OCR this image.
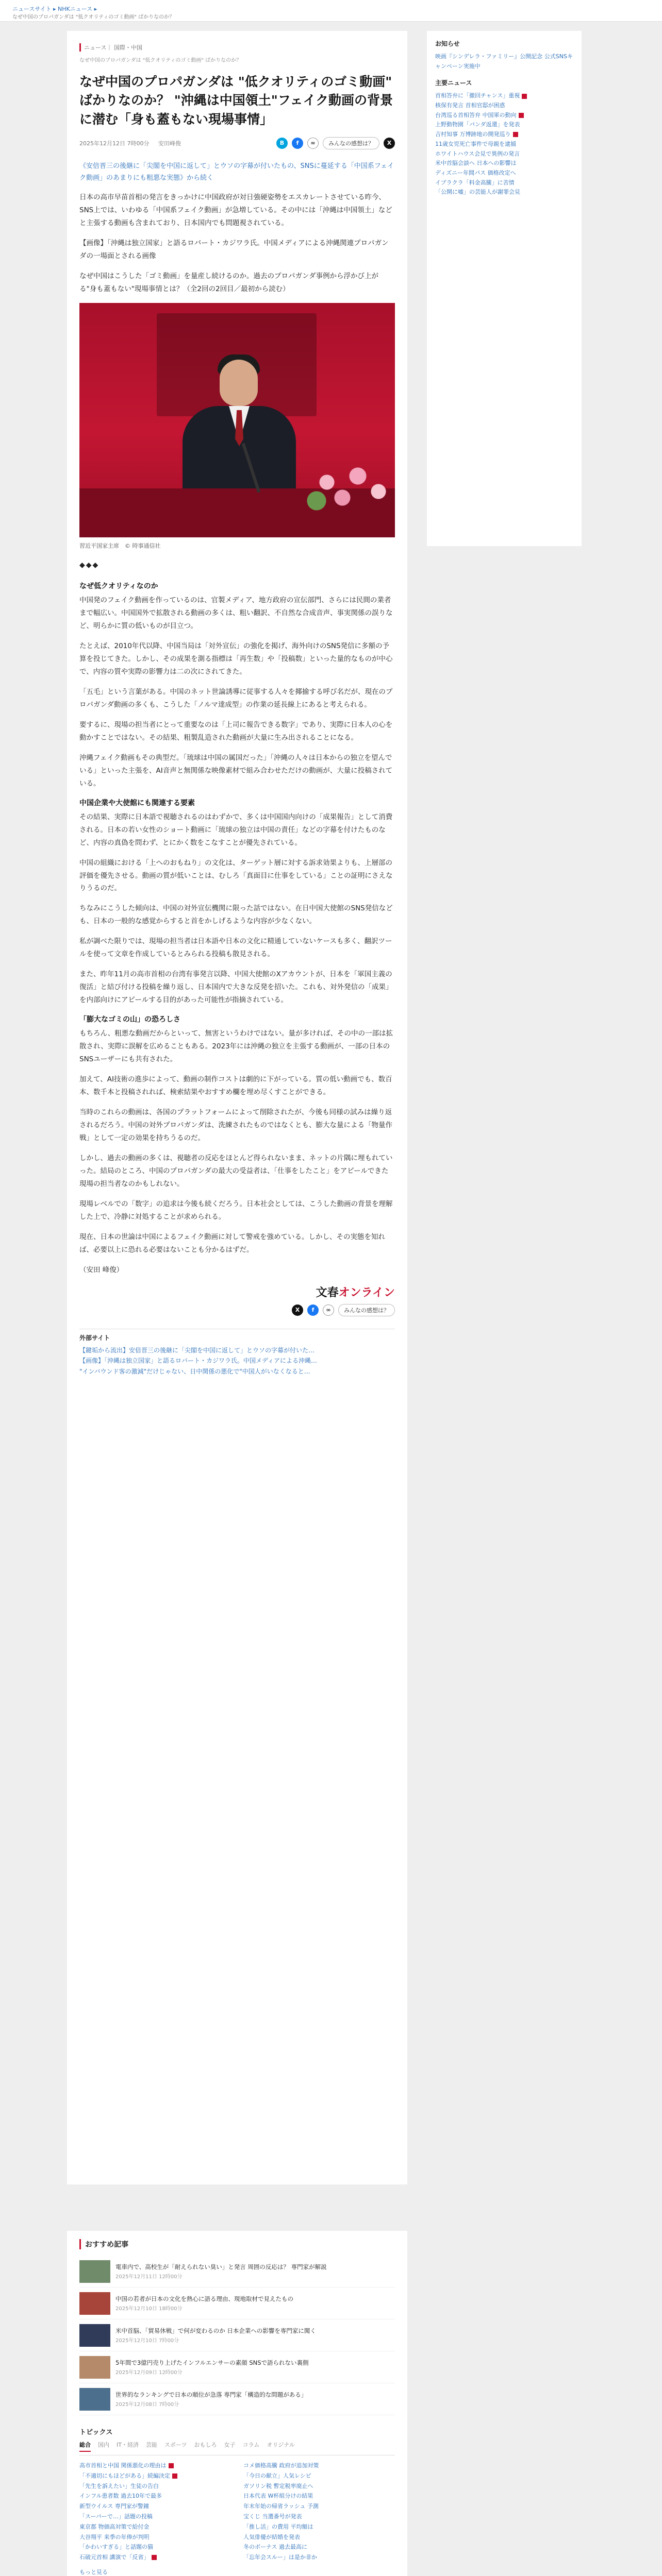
ニュースサイト ▸ NHKニュース ▸
なぜ中国のプロパガンダは "低クオリティのゴミ動画" ばかりなのか？
ニュース｜ 国際・中国
なぜ中国のプロパガンダは "低クオリティのゴミ動画" ばかりなのか？
なぜ中国のプロパガンダは "低クオリティのゴミ動画" ばかりなのか？ "沖縄は中国領土"フェイク動画の背景に潜む「身も蓋もない現場事情」
2025年12月12日 7時00分 安田峰俊	B	f	∞	みんなの感想は？	X

《安倍晋三の後継に「尖閣を中国に返して」とウソの字幕が付いたもの、SNSに蔓延する「中国系フェイク動画」のあまりにも粗悪な実態》から続く

日本の高市早苗首相の発言をきっかけに中国政府が対日強硬姿勢をエスカレートさせている昨今、SNS上では、いわゆる「中国系フェイク動画」が急増している。その中には「沖縄は中国領土」などと主張する動画も含まれており、日本国内でも問題視されている。

【画像】「沖縄は独立国家」と語るロバート・カジワラ氏。中国メディアによる沖縄関連プロパガンダの一場面とされる画像

なぜ中国はこうした「ゴミ動画」を量産し続けるのか。過去のプロパガンダ事例から浮かび上がる"身も蓋もない"現場事情とは？（全2回の2回目／最初から読む）

習近平国家主席　© 時事通信社
◆◆◆
なぜ低クオリティなのか

中国発のフェイク動画を作っているのは、官製メディア、地方政府の宣伝部門、さらには民間の業者まで幅広い。中国国外で拡散される動画の多くは、粗い翻訳、不自然な合成音声、事実関係の誤りなど、明らかに質の低いものが目立つ。

たとえば、2010年代以降、中国当局は「対外宣伝」の強化を掲げ、海外向けのSNS発信に多額の予算を投じてきた。しかし、その成果を測る指標は「再生数」や「投稿数」といった量的なものが中心で、内容の質や実際の影響力は二の次にされてきた。

「五毛」という言葉がある。中国のネット世論誘導に従事する人々を揶揄する呼び名だが、現在のプロパガンダ動画の多くも、こうした「ノルマ達成型」の作業の延長線上にあると考えられる。

要するに、現場の担当者にとって重要なのは「上司に報告できる数字」であり、実際に日本人の心を動かすことではない。その結果、粗製乱造された動画が大量に生み出されることになる。

沖縄フェイク動画もその典型だ。「琉球は中国の属国だった」「沖縄の人々は日本からの独立を望んでいる」といった主張を、AI音声と無関係な映像素材で組み合わせただけの動画が、大量に投稿されている。

中国企業や大使館にも関連する要素

その結果、実際に日本語で視聴されるのはわずかで、多くは中国国内向けの「成果報告」として消費される。日本の若い女性のショート動画に「琉球の独立は中国の責任」などの字幕を付けたものなど、内容の真偽を問わず、とにかく数をこなすことが優先されている。

中国の組織における「上へのおもねり」の文化は、ターゲット層に対する訴求効果よりも、上層部の評価を優先させる。動画の質が低いことは、むしろ「真面目に仕事をしている」ことの証明にさえなりうるのだ。

ちなみにこうした傾向は、中国の対外宣伝機関に限った話ではない。在日中国大使館のSNS発信なども、日本の一般的な感覚からすると首をかしげるような内容が少なくない。

私が調べた限りでは、現場の担当者は日本語や日本の文化に精通していないケースも多く、翻訳ツールを使って文章を作成しているとみられる投稿も散見される。

また、昨年11月の高市首相の台湾有事発言以降、中国大使館のXアカウントが、日本を「軍国主義の復活」と結び付ける投稿を繰り返し、日本国内で大きな反発を招いた。これも、対外発信の「成果」を内部向けにアピールする目的があった可能性が指摘されている。

「膨大なゴミの山」の恐ろしさ

もちろん、粗悪な動画だからといって、無害というわけではない。量が多ければ、その中の一部は拡散され、実際に誤解を広めることもある。2023年には沖縄の独立を主張する動画が、一部の日本のSNSユーザーにも共有された。

加えて、AI技術の進歩によって、動画の制作コストは劇的に下がっている。質の低い動画でも、数百本、数千本と投稿されれば、検索結果やおすすめ欄を埋め尽くすことができる。

当時のこれらの動画は、各国のプラットフォームによって削除されたが、今後も同様の試みは繰り返されるだろう。中国の対外プロパガンダは、洗練されたものではなくとも、膨大な量による「物量作戦」として一定の効果を持ちうるのだ。

しかし、過去の動画の多くは、視聴者の反応をほとんど得られないまま、ネットの片隅に埋もれていった。結局のところ、中国のプロパガンダの最大の受益者は、「仕事をしたこと」をアピールできた現場の担当者なのかもしれない。

現場レベルでの「数字」の追求は今後も続くだろう。日本社会としては、こうした動画の背景を理解した上で、冷静に対処することが求められる。

現在、日本の世論は中国によるフェイク動画に対して警戒を強めている。しかし、その実態を知れば、必要以上に恐れる必要はないことも分かるはずだ。

（安田 峰俊）

文春オンライン
X	f	∞	みんなの感想は？
外部サイト
【鍵垢から流出】安倍晋三の後継に「尖閣を中国に返して」とウソの字幕が付いた…
【画像】「沖縄は独立国家」と語るロバート・カジワラ氏。中国メディアによる沖縄…
"インバウンド客の激減"だけじゃない、日中関係の悪化で"中国人がいなくなると…
お知らせ
映画『シンデレラ・ファミリー』公開記念 公式SNSキャンペーン実施中
主要ニュース
首相答弁に「撤回チャンス」重視
核保有発言 首相官邸が困惑
台湾巡る首相答弁 中国軍の動向
上野動物園「パンダ返還」を発表
吉村知事 万博跡地の開発巡り
11歳女児死亡事件で母親を逮捕
ホワイトハウス会見で異例の発言
米中首脳会談へ 日本への影響は
ディズニー年間パス 価格改定へ
イプラクラ「料金高騰」に苦情
「公開に嘘」の芸能人が謝罪会見
おすすめ記事
電車内で、高校生が「耐えられない臭い」と発言 周囲の反応は？ 専門家が解説
2025年12月11日 12時00分
中国の若者が日本の文化を熱心に語る理由、現地取材で見えたもの
2025年12月10日 18時00分
米中首脳、「貿易休戦」で何が変わるのか 日本企業への影響を専門家に聞く
2025年12月10日 7時00分
5年間で3億円売り上げたインフルエンサーの素顔 SNSで語られない裏側
2025年12月09日 12時00分
世界的なランキングで日本の順位が急落 専門家「構造的な問題がある」
2025年12月08日 7時00分
トピックス
総合 国内 IT・経済 芸能 スポーツ おもしろ 女子 コラム オリジナル
高市首相と中国 関係悪化の理由は
「不適切にもほどがある」続編決定
「先生を訴えたい」生徒の告白
インフル患者数 過去10年で最多
新型ウイルス 専門家が警鐘
「スーパーで…」話題の投稿
東京都 物価高対策で給付金
大谷翔平 来季の年俸が判明
「かわいすぎる」と話題の猫
石破元首相 講演で「反省」
コメ価格高騰 政府が追加対策
「今日の献立」人気レシピ
ガソリン税 暫定税率廃止へ
日本代表 W杯組分けの結果
年末年始の帰省ラッシュ 予測
宝くじ 当選番号が発表
「推し活」の費用 平均額は
人気俳優が結婚を発表
冬のボーナス 過去最高に
「忘年会スルー」は是か非か
もっと見る
